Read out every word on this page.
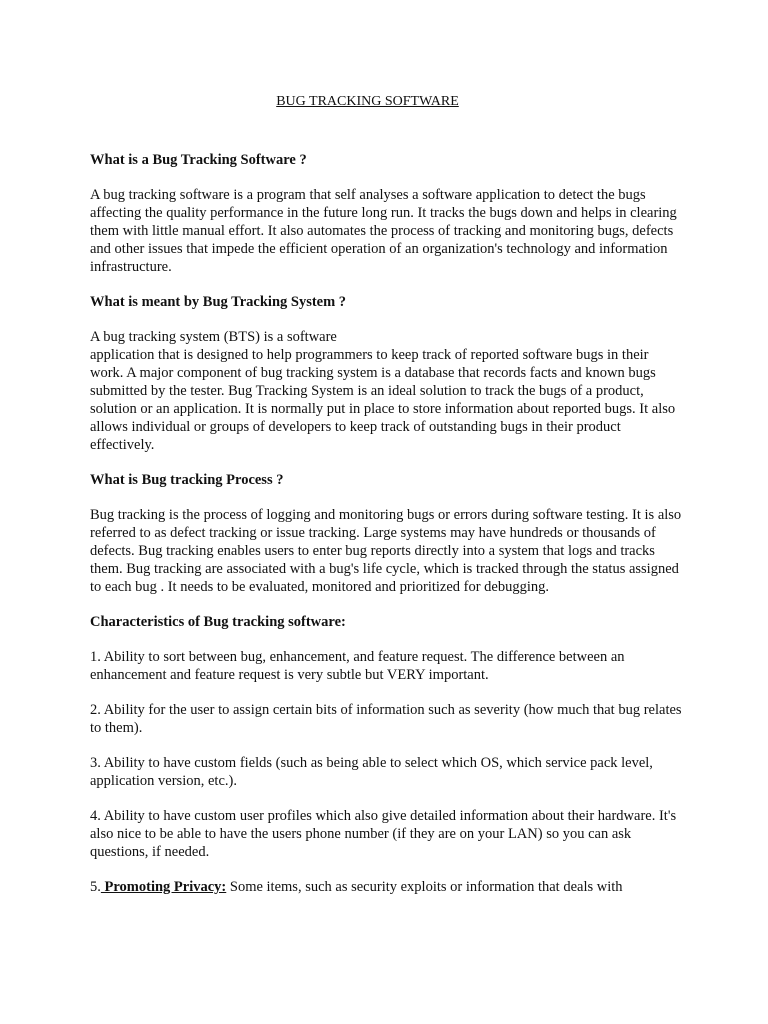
BUG TRACKING SOFTWARE
What is a Bug Tracking Software ?

A bug tracking software is a program that self analyses a software application to detect the bugs affecting the quality performance in the future long run. It tracks the bugs down and helps in clearing them with little manual effort. It also automates the process of tracking and monitoring bugs, defects and other issues that impede the efficient operation of an organization's technology and information infrastructure.

What is meant by Bug Tracking System ?

A bug tracking system (BTS) is a software
application that is designed to help programmers to keep track of reported software bugs in their work. A major component of bug tracking system is a database that records facts and known bugs submitted by the tester. Bug Tracking System is an ideal solution to track the bugs of a product, solution or an application. It is normally put in place to store information about reported bugs. It also allows individual or groups of developers to keep track of outstanding bugs in their product effectively.

What is Bug tracking Process ?

Bug tracking is the process of logging and monitoring bugs or errors during software testing. It is also referred to as defect tracking or issue tracking. Large systems may have hundreds or thousands of defects. Bug tracking enables users to enter bug reports directly into a system that logs and tracks them. Bug tracking are associated with a bug's life cycle, which is tracked through the status assigned to each bug . It needs to be evaluated, monitored and prioritized for debugging.

Characteristics of Bug tracking software:

1. Ability to sort between bug, enhancement, and feature request. The difference between an enhancement and feature request is very subtle but VERY important.

2. Ability for the user to assign certain bits of information such as severity (how much that bug relates to them).

3. Ability to have custom fields (such as being able to select which OS, which service pack level, application version, etc.).

4. Ability to have custom user profiles which also give detailed information about their hardware. It's also nice to be able to have the users phone number (if they are on your LAN) so you can ask questions, if needed.

5. Promoting Privacy: Some items, such as security exploits or information that deals with
